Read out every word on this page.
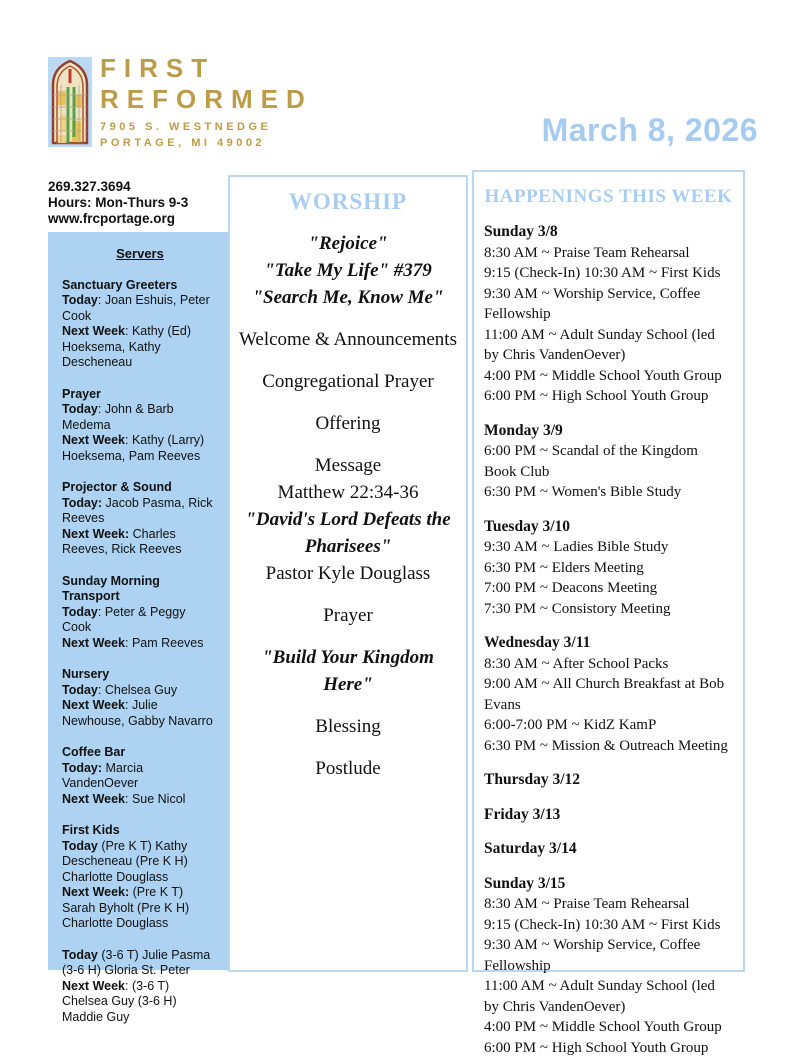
FIRST
REFORMED
7905 S. WESTNEDGE
PORTAGE, MI 49002	March 8, 2026
269.327.3694
Hours: Mon-Thurs 9-3
www.frcportage.org
Servers
Sanctuary Greeters
Today: Joan Eshuis, Peter Cook
Next Week: Kathy (Ed) Hoeksema, Kathy Descheneau
Prayer
Today: John & Barb Medema
Next Week: Kathy (Larry) Hoeksema, Pam Reeves
Projector & Sound
Today: Jacob Pasma, Rick Reeves
Next Week: Charles Reeves, Rick Reeves
Sunday Morning Transport
Today: Peter & Peggy Cook
Next Week: Pam Reeves
Nursery
Today: Chelsea Guy
Next Week: Julie Newhouse, Gabby Navarro
Coffee Bar
Today: Marcia VandenOever
Next Week: Sue Nicol
First Kids
Today (Pre K T) Kathy Descheneau (Pre K H) Charlotte Douglass
Next Week: (Pre K T) Sarah Byholt (Pre K H) Charlotte Douglass
Today (3-6 T) Julie Pasma (3-6 H) Gloria St. Peter
Next Week: (3-6 T) Chelsea Guy (3-6 H) Maddie Guy
WORSHIP
"Rejoice"
"Take My Life" #379
"Search Me, Know Me"
Welcome & Announcements
Congregational Prayer
Offering
Message
Matthew 22:34-36
"David's Lord Defeats the Pharisees"
Pastor Kyle Douglass
Prayer
"Build Your Kingdom Here"
Blessing
Postlude
HAPPENINGS THIS WEEK
Sunday 3/8
8:30 AM ~ Praise Team Rehearsal
9:15 (Check-In) 10:30 AM ~ First Kids
9:30 AM ~ Worship Service, Coffee Fellowship
11:00 AM ~ Adult Sunday School (led by Chris VandenOever)
4:00 PM ~ Middle School Youth Group
6:00 PM ~ High School Youth Group
Monday 3/9
6:00 PM ~ Scandal of the Kingdom Book Club
6:30 PM ~ Women's Bible Study
Tuesday 3/10
9:30 AM ~ Ladies Bible Study
6:30 PM ~ Elders Meeting
7:00 PM ~ Deacons Meeting
7:30 PM ~ Consistory Meeting
Wednesday 3/11
8:30 AM ~ After School Packs
9:00 AM ~ All Church Breakfast at Bob Evans
6:00-7:00 PM ~ KidZ KamP
6:30 PM ~ Mission & Outreach Meeting
Thursday 3/12
Friday 3/13
Saturday 3/14
Sunday 3/15
8:30 AM ~ Praise Team Rehearsal
9:15 (Check-In) 10:30 AM ~ First Kids
9:30 AM ~ Worship Service, Coffee Fellowship
11:00 AM ~ Adult Sunday School (led by Chris VandenOever)
4:00 PM ~ Middle School Youth Group
6:00 PM ~ High School Youth Group
